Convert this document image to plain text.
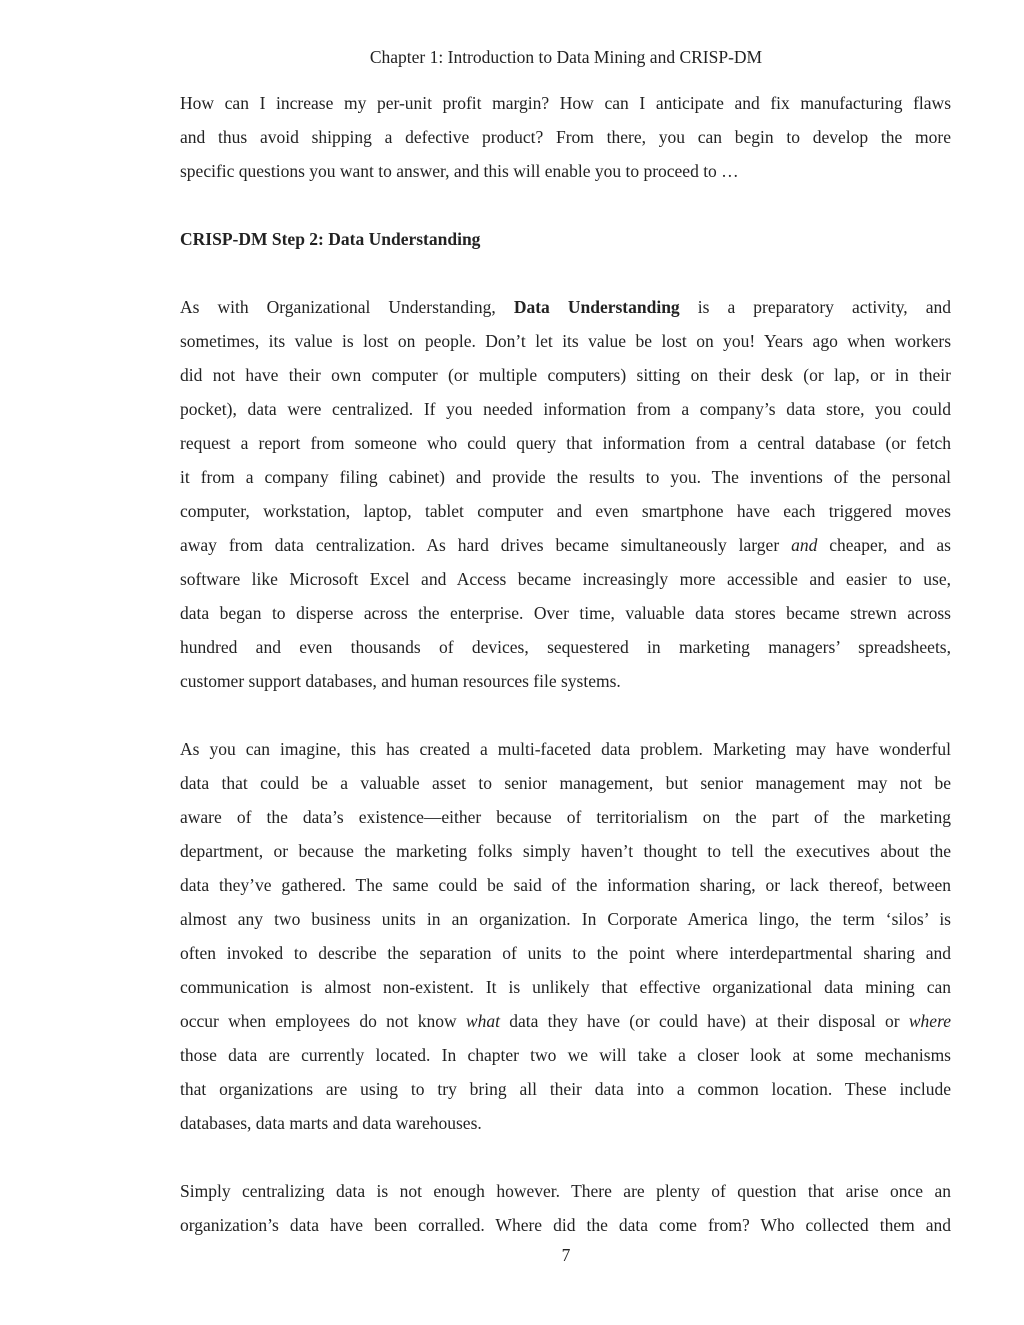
Chapter 1: Introduction to Data Mining and CRISP-DM
How can I increase my per-unit profit margin? How can I anticipate and fix manufacturing flaws
and thus avoid shipping a defective product? From there, you can begin to develop the more
specific questions you want to answer, and this will enable you to proceed to …
CRISP-DM Step 2: Data Understanding
As with Organizational Understanding, Data Understanding is a preparatory activity, and
sometimes, its value is lost on people. Don’t let its value be lost on you! Years ago when workers
did not have their own computer (or multiple computers) sitting on their desk (or lap, or in their
pocket), data were centralized. If you needed information from a company’s data store, you could
request a report from someone who could query that information from a central database (or fetch
it from a company filing cabinet) and provide the results to you. The inventions of the personal
computer, workstation, laptop, tablet computer and even smartphone have each triggered moves
away from data centralization. As hard drives became simultaneously larger and cheaper, and as
software like Microsoft Excel and Access became increasingly more accessible and easier to use,
data began to disperse across the enterprise. Over time, valuable data stores became strewn across
hundred and even thousands of devices, sequestered in marketing managers’ spreadsheets,
customer support databases, and human resources file systems.
As you can imagine, this has created a multi-faceted data problem. Marketing may have wonderful
data that could be a valuable asset to senior management, but senior management may not be
aware of the data’s existence—either because of territorialism on the part of the marketing
department, or because the marketing folks simply haven’t thought to tell the executives about the
data they’ve gathered. The same could be said of the information sharing, or lack thereof, between
almost any two business units in an organization. In Corporate America lingo, the term ‘silos’ is
often invoked to describe the separation of units to the point where interdepartmental sharing and
communication is almost non-existent. It is unlikely that effective organizational data mining can
occur when employees do not know what data they have (or could have) at their disposal or where
those data are currently located. In chapter two we will take a closer look at some mechanisms
that organizations are using to try bring all their data into a common location. These include
databases, data marts and data warehouses.
Simply centralizing data is not enough however. There are plenty of question that arise once an
organization’s data have been corralled. Where did the data come from? Who collected them and
7
